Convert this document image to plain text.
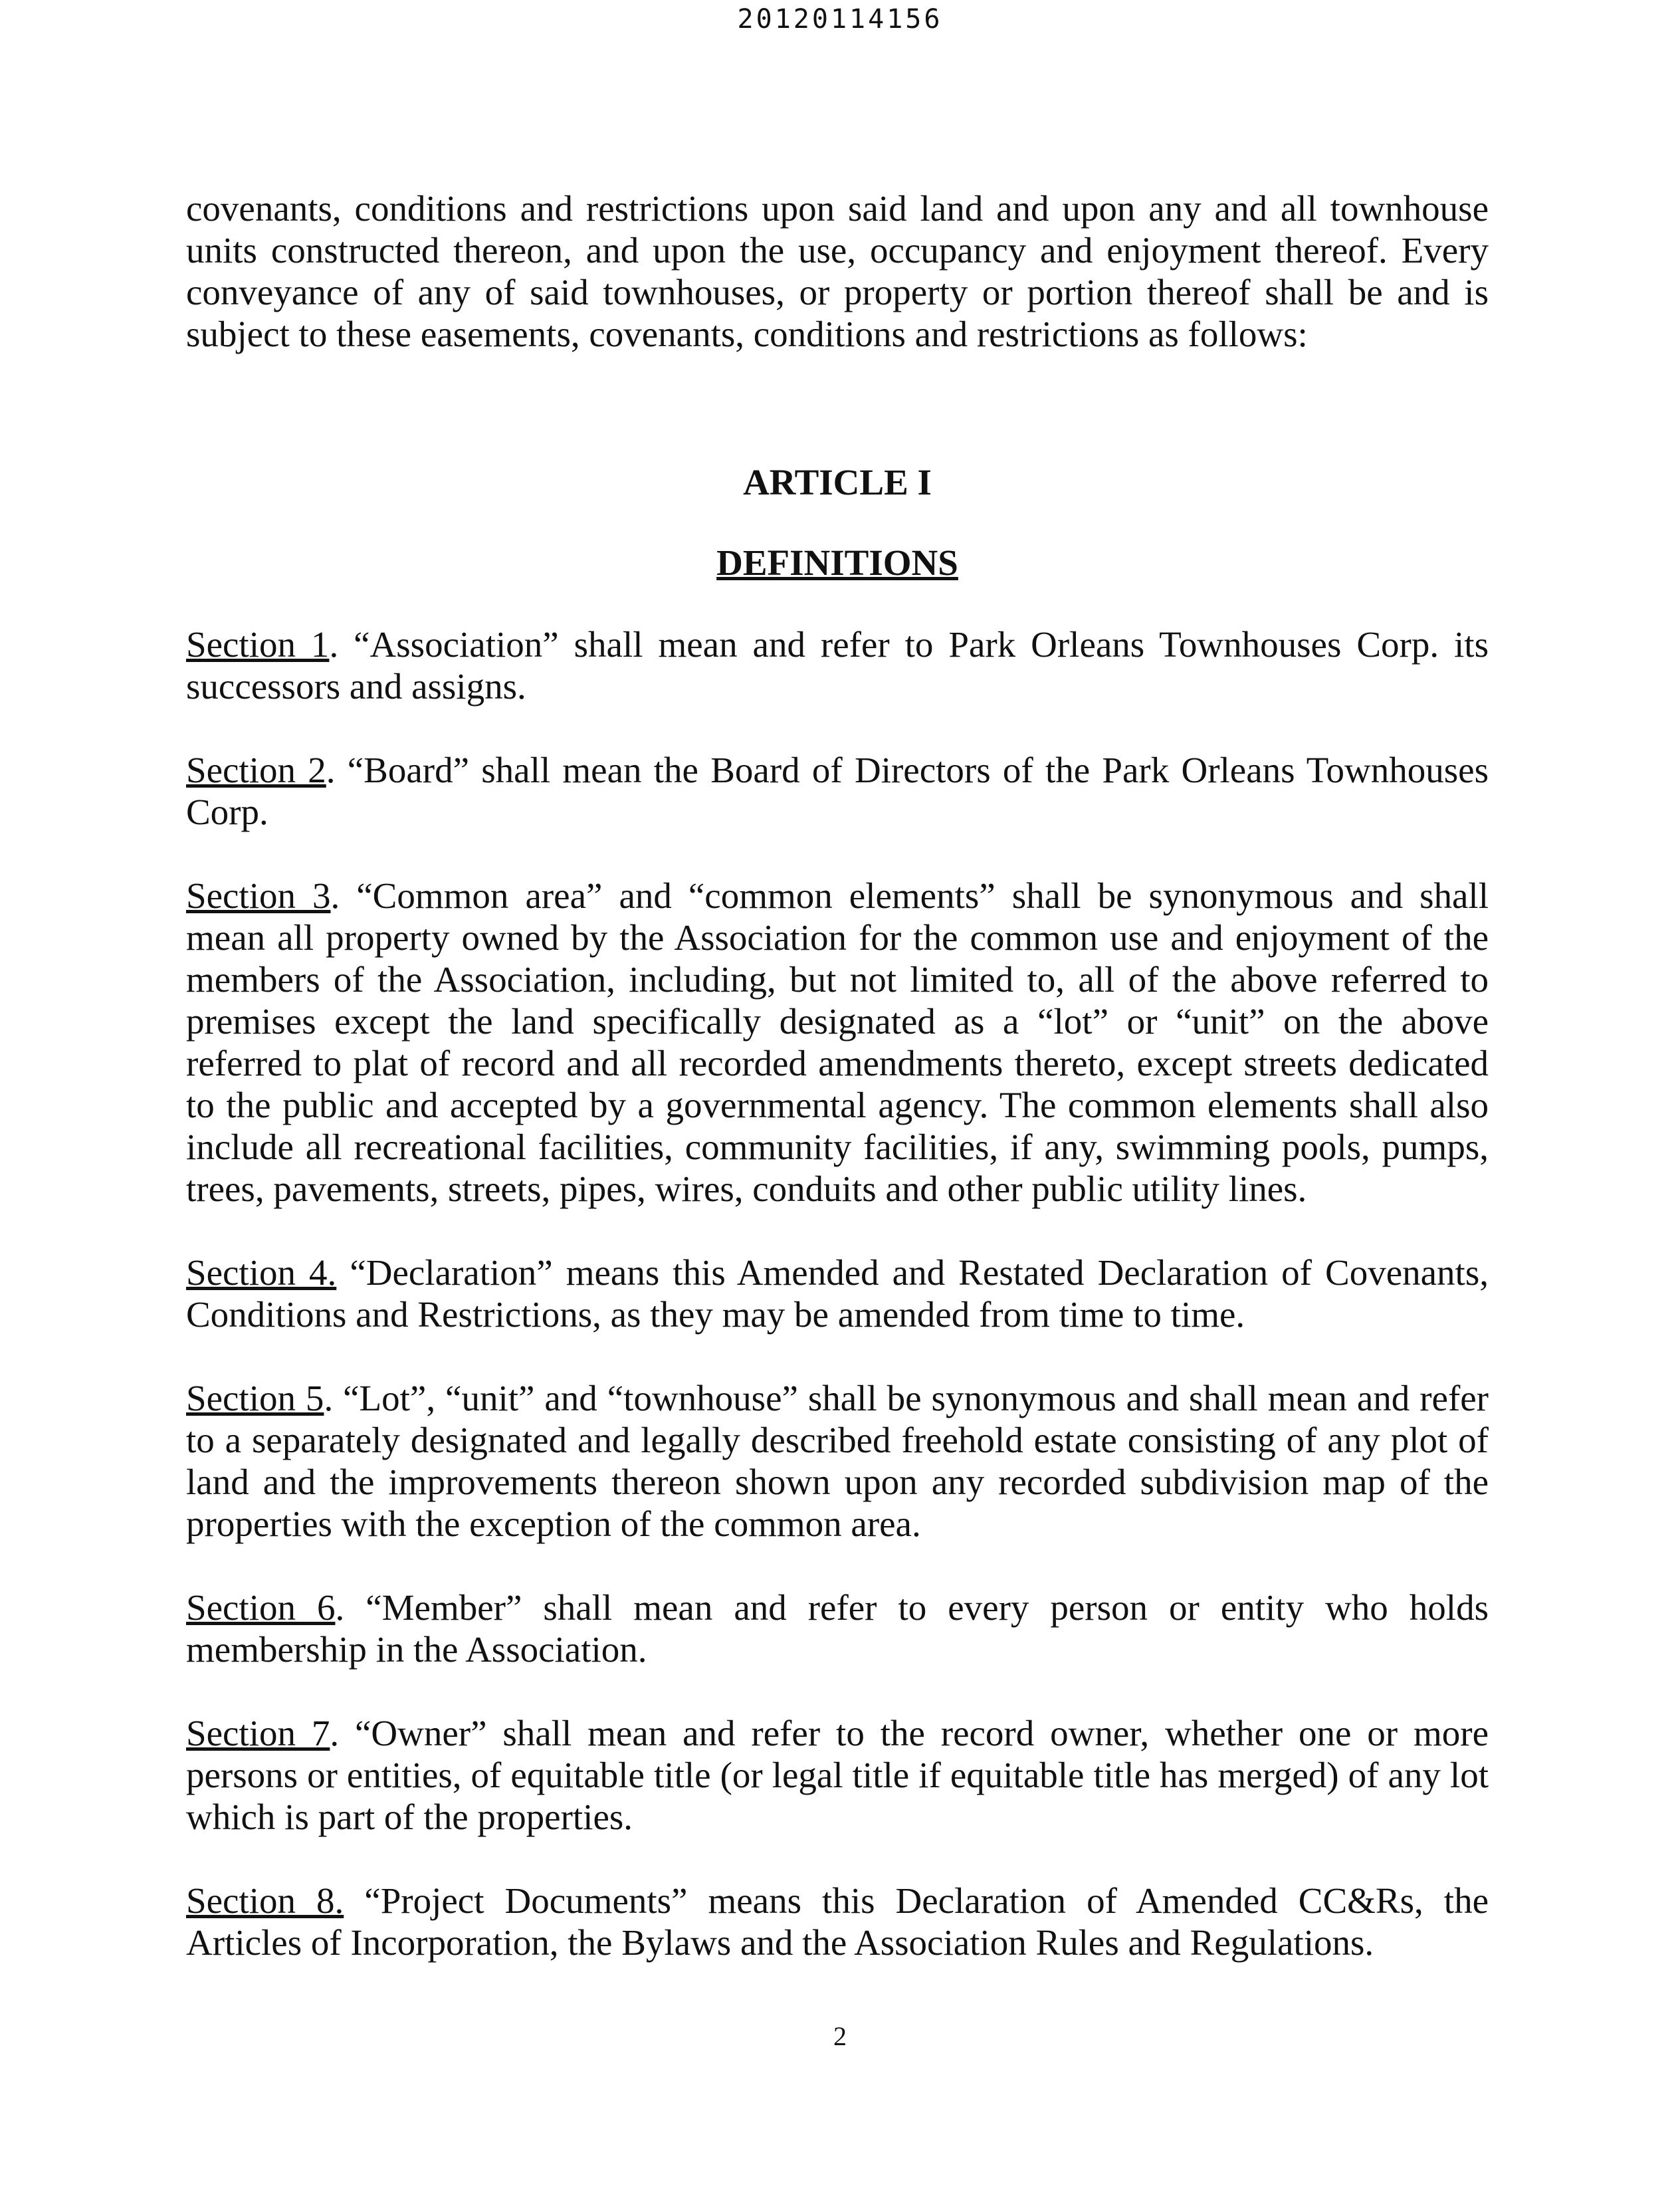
20120114156

covenants, conditions and restrictions upon said land and upon any and all townhouse units constructed thereon, and upon the use, occupancy and enjoyment thereof. Every conveyance of any of said townhouses, or property or portion thereof shall be and is subject to these easements, covenants, conditions and restrictions as follows:

ARTICLE I

DEFINITIONS

Section 1. “Association” shall mean and refer to Park Orleans Townhouses Corp. its successors and assigns.

Section 2. “Board” shall mean the Board of Directors of the Park Orleans Townhouses Corp.

Section 3. “Common area” and “common elements” shall be synonymous and shall mean all property owned by the Association for the common use and enjoyment of the members of the Association, including, but not limited to, all of the above referred to premises except the land specifically designated as a “lot” or “unit” on the above referred to plat of record and all recorded amendments thereto, except streets dedicated to the public and accepted by a governmental agency. The common elements shall also include all recreational facilities, community facilities, if any, swimming pools, pumps, trees, pavements, streets, pipes, wires, conduits and other public utility lines.

Section 4. “Declaration” means this Amended and Restated Declaration of Covenants, Conditions and Restrictions, as they may be amended from time to time.

Section 5. “Lot”, “unit” and “townhouse” shall be synonymous and shall mean and refer to a separately designated and legally described freehold estate consisting of any plot of land and the improvements thereon shown upon any recorded subdivision map of the properties with the exception of the common area.

Section 6. “Member” shall mean and refer to every person or entity who holds membership in the Association.

Section 7. “Owner” shall mean and refer to the record owner, whether one or more persons or entities, of equitable title (or legal title if equitable title has merged) of any lot which is part of the properties.

Section 8. “Project Documents” means this Declaration of Amended CC&Rs, the Articles of Incorporation, the Bylaws and the Association Rules and Regulations.

2
